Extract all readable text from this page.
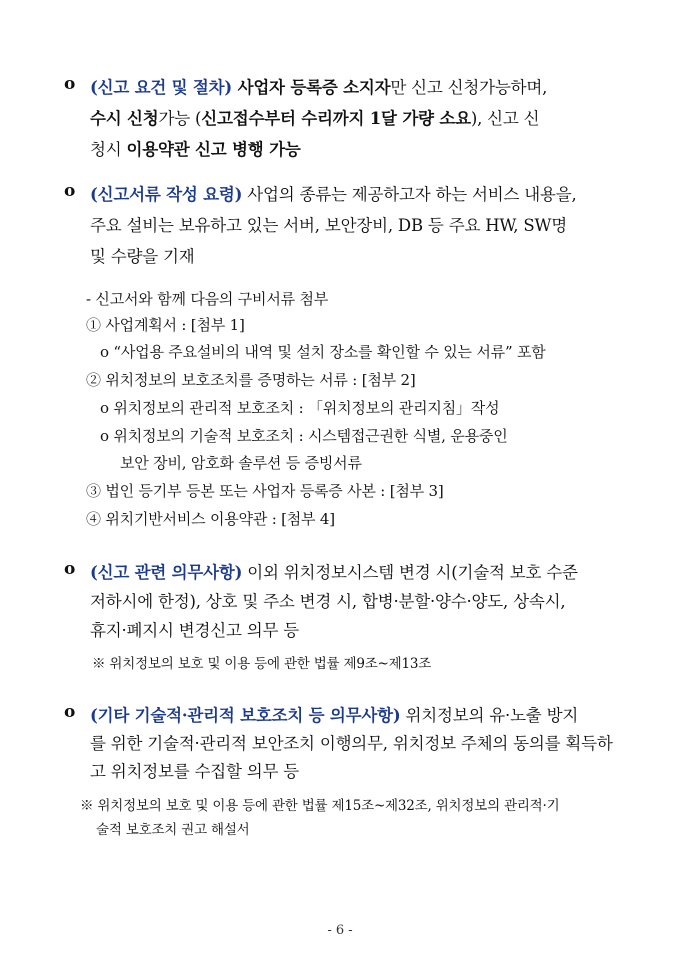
o (신고 요건 및 절차) 사업자 등록증 소지자만 신고 신청가능하며,
수시 신청가능 (신고접수부터 수리까지 1달 가량 소요), 신고 신
청시 이용약관 신고 병행 가능
o (신고서류 작성 요령) 사업의 종류는 제공하고자 하는 서비스 내용을,
주요 설비는 보유하고 있는 서버, 보안장비, DB 등 주요 HW, SW명
및 수량을 기재
- 신고서와 함께 다음의 구비서류 첨부
① 사업계획서 : [첨부 1]
o “사업용 주요설비의 내역 및 설치 장소를 확인할 수 있는 서류” 포함
② 위치정보의 보호조치를 증명하는 서류 : [첨부 2]
o 위치정보의 관리적 보호조치 : 「위치정보의 관리지침」작성
o 위치정보의 기술적 보호조치 : 시스템접근권한 식별, 운용중인
보안 장비, 암호화 솔루션 등 증빙서류
③ 법인 등기부 등본 또는 사업자 등록증 사본 : [첨부 3]
④ 위치기반서비스 이용약관 : [첨부 4]
o (신고 관련 의무사항) 이외 위치정보시스템 변경 시(기술적 보호 수준
저하시에 한정), 상호 및 주소 변경 시, 합병·분할·양수·양도, 상속시,
휴지·폐지시 변경신고 의무 등
※ 위치정보의 보호 및 이용 등에 관한 법률 제9조~제13조
o (기타 기술적·관리적 보호조치 등 의무사항) 위치정보의 유·노출 방지
를 위한 기술적·관리적 보안조치 이행의무, 위치정보 주체의 동의를 획득하
고 위치정보를 수집할 의무 등
※ 위치정보의 보호 및 이용 등에 관한 법률 제15조~제32조, 위치정보의 관리적·기
술적 보호조치 권고 해설서
- 6 -
